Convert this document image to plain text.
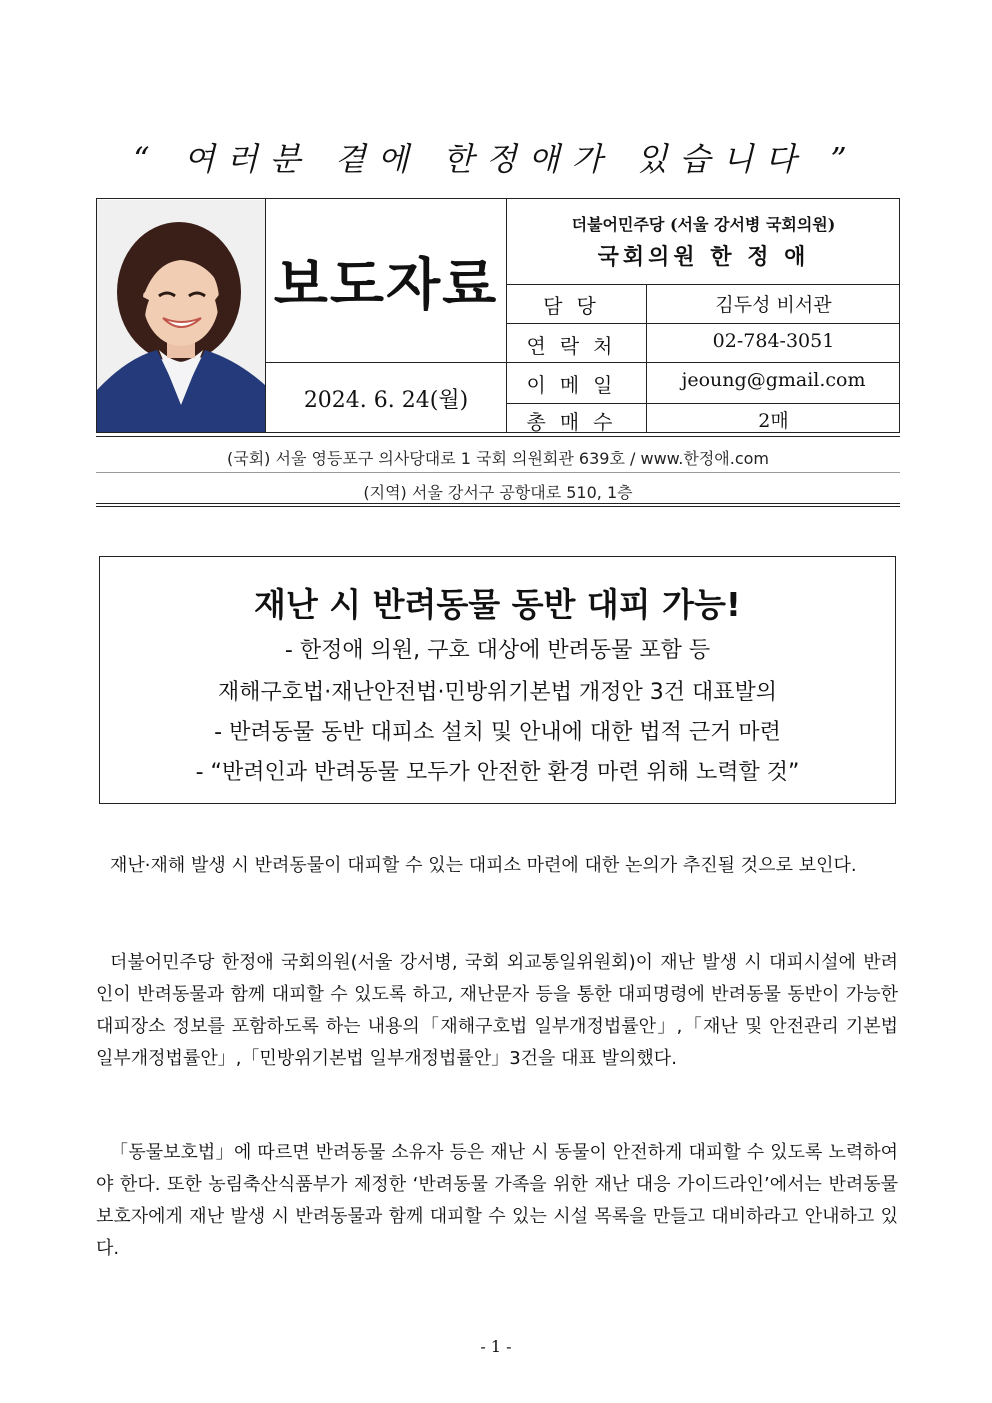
“ 여러분 곁에 한정애가 있습니다 ”
보도자료
2024. 6. 24(월)
더불어민주당 (서울 강서병 국회의원)
국회의원 한 정 애
담당	김두성 비서관
연락처	02-784-3051
이메일	jeoung@gmail.com
총매수	2매
(국회) 서울 영등포구 의사당대로 1 국회 의원회관 639호 / www.한정애.com
(지역) 서울 강서구 공항대로 510, 1층
재난 시 반려동물 동반 대피 가능!
- 한정애 의원, 구호 대상에 반려동물 포함 등
재해구호법·재난안전법·민방위기본법 개정안 3건 대표발의
- 반려동물 동반 대피소 설치 및 안내에 대한 법적 근거 마련
- “반려인과 반려동물 모두가 안전한 환경 마련 위해 노력할 것”
재난·재해 발생 시 반려동물이 대피할 수 있는 대피소 마련에 대한 논의가 추진될 것으로 보인다.
더불어민주당 한정애 국회의원(서울 강서병, 국회 외교통일위원회)이 재난 발생 시 대피시설에 반려인이 반려동물과 함께 대피할 수 있도록 하고, 재난문자 등을 통한 대피명령에 반려동물 동반이 가능한 대피장소 정보를 포함하도록 하는 내용의「재해구호법 일부개정법률안」,「재난 및 안전관리 기본법 일부개정법률안」,「민방위기본법 일부개정법률안」3건을 대표 발의했다.
「동물보호법」에 따르면 반려동물 소유자 등은 재난 시 동물이 안전하게 대피할 수 있도록 노력하여야 한다. 또한 농림축산식품부가 제정한 ‘반려동물 가족을 위한 재난 대응 가이드라인’에서는 반려동물 보호자에게 재난 발생 시 반려동물과 함께 대피할 수 있는 시설 목록을 만들고 대비하라고 안내하고 있다.
- 1 -
